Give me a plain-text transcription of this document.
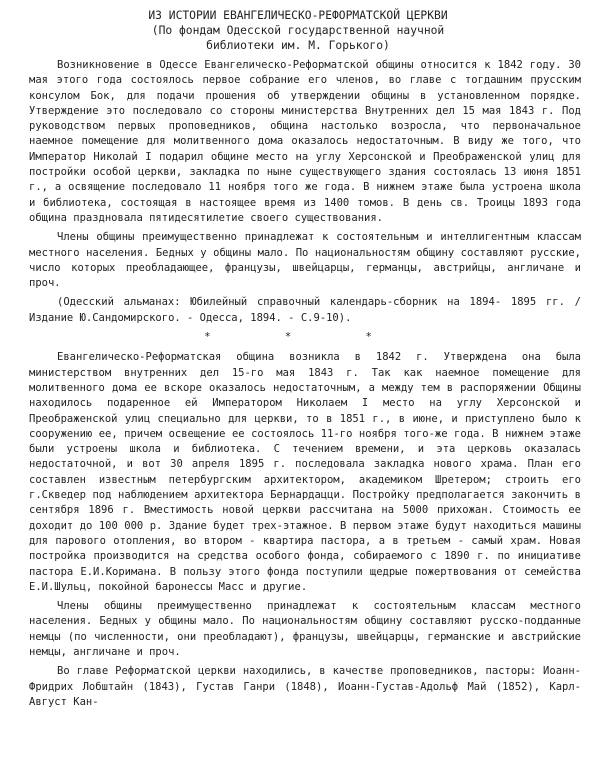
ИЗ ИСТОРИИ ЕВАНГЕЛИЧЕСКО-РЕФОРМАТСКОЙ ЦЕРКВИ
(По фондам Одесской государственной научной
библиотеки им. М. Горького)

Возникновение в Одессе Евангелическо-Реформатской общины относится к 1842 году. 30 мая этого года состоялось первое собрание его членов, во главе с тогдашним прусским консулом Бок, для подачи прошения об утверждении общины в установленном порядке. Утверждение это последовало со стороны министерства Внутренних дел 15 мая 1843 г. Под руководством первых проповедников, община настолько возросла, что первоначальное наемное помещение для молитвенного дома оказалось недостаточным. В виду же того, что Император Николай I подарил общине место на углу Херсонской и Преображенской улиц для постройки особой церкви, закладка по ныне существующего здания состоялась 13 июня 1851 г., а освящение последовало 11 ноября того же года. В нижнем этаже была устроена школа и библиотека, состоящая в настоящее время из 1400 томов. В день св. Троицы 1893 года община праздновала пятидесятилетие своего существования.

Члены общины преимущественно принадлежат к состоятельным и интеллигентным классам местного населения. Бедных у общины мало. По национальностям общину составляют русские, число которых преобладающее, французы, швейцарцы, германцы, австрийцы, англичане и проч.

(Одесский альманах: Юбилейный справочный календарь-сборник на 1894- 1895 гг. / Издание Ю.Сандомирского. - Одесса, 1894. - С.9-10).

* * *

Евангелическо-Реформатская община возникла в 1842 г. Утверждена она была министерством внутренних дел 15-го мая 1843 г. Так как наемное помещение для молитвенного дома ее вскоре оказалось недостаточным, а между тем в распоряжении Общины находилось подаренное ей Императором Николаем I место на углу Херсонской и Преображенской улиц специально для церкви, то в 1851 г., в июне, и приступлено было к сооружению ее, причем освещение ее состоялось 11-го ноября того-же года. В нижнем этаже были устроены школа и библиотека. С течением времени, и эта церковь оказалась недостаточной, и вот 30 апреля 1895 г. последовала закладка нового храма. План его составлен известным петербургским архитектором, академиком Шретером; строить его г.Скведер под наблюдением архитектора Бернардацци. Постройку предполагается закончить в сентября 1896 г. Вместимость новой церкви рассчитана на 5000 прихожан. Стоимость ее доходит до 100 000 р. Здание будет трех-этажное. В первом этаже будут находиться машины для парового отопления, во втором - квартира пастора, а в третьем - самый храм. Новая постройка производится на средства особого фонда, собираемого с 1890 г. по инициативе пастора Е.И.Коримана. В пользу этого фонда поступили щедрые пожертвования от семейства Е.И.Шульц, покойной баронессы Масс и другие.

Члены общины преимущественно принадлежат к состоятельным классам местного населения. Бедных у общины мало. По национальностям общину составляют русско-подданные немцы (по численности, они преобладают), французы, швейцарцы, германские и австрийские немцы, англичане и проч.

Во главе Реформатской церкви находились, в качестве проповедников, пасторы: Иоанн-Фридрих Лобштайн (1843), Густав Ганри (1848), Иоанн-Густав-Адольф Май (1852), Карл-Август Кан-
